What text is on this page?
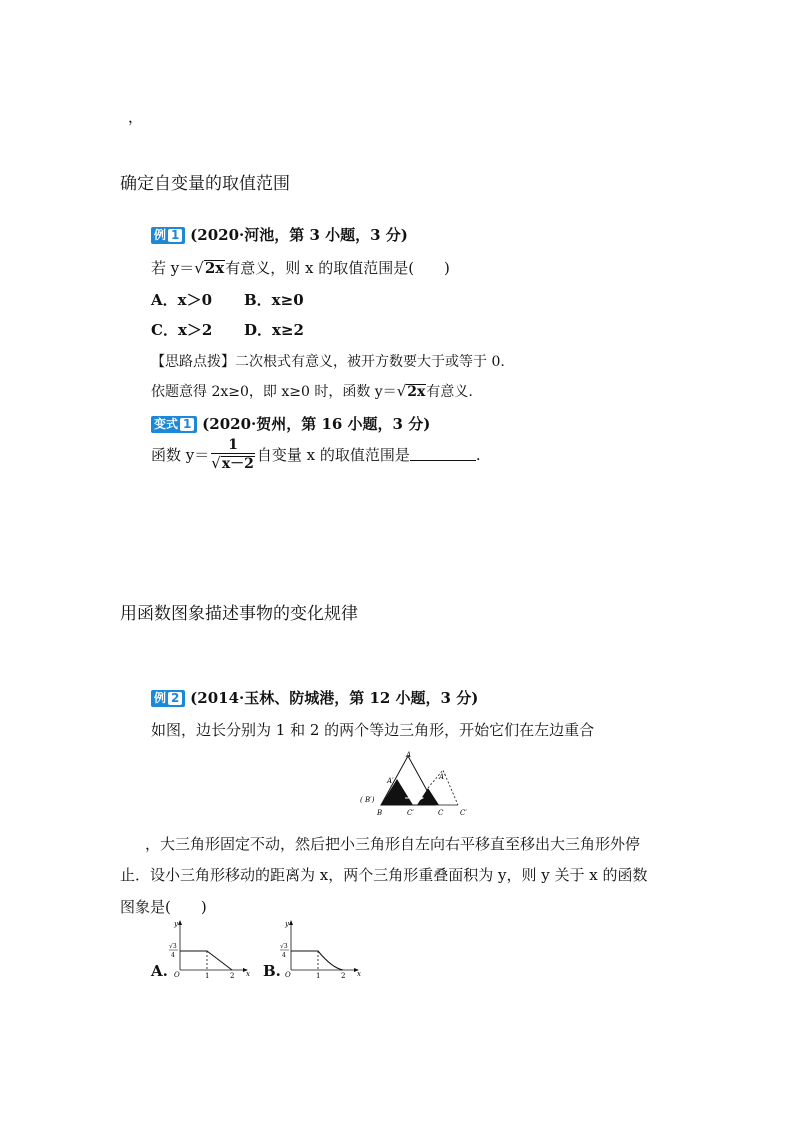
，
确定自变量的取值范围
例 1 (2020·河池，第 3 小题，3 分)
若 y＝√2x有意义，则 x 的取值范围是(　　)
A．x＞0 B．x≥0
C．x＞2 D．x≥2
【思路点拨】二次根式有意义，被开方数要大于或等于 0.
依题意得 2x≥0，即 x≥0 时，函数 y＝√2x有意义.
变式 1 (2020·贺州，第 16 小题，3 分)
函数 $y= \frac{1}{√x-2}$ 自变量 x 的取值范围是	.
用函数图象描述事物的变化规律
例 2 (2014·玉林、防城港，第 12 小题，3 分)
如图，边长分别为 1 和 2 的两个等边三角形，开始它们在左边重合
A
A′	A′
( B′)
B	C′	C C′
，大三角形固定不动，然后把小三角形自左向右平移直至移出大三角形外停
止．设小三角形移动的距离为 x，两个三角形重叠面积为 y，则 y 关于 x 的函数
图象是(　　)
A.
y
x
O
√3
4
1	2 B.
y
x
O
√3
4
1	2
